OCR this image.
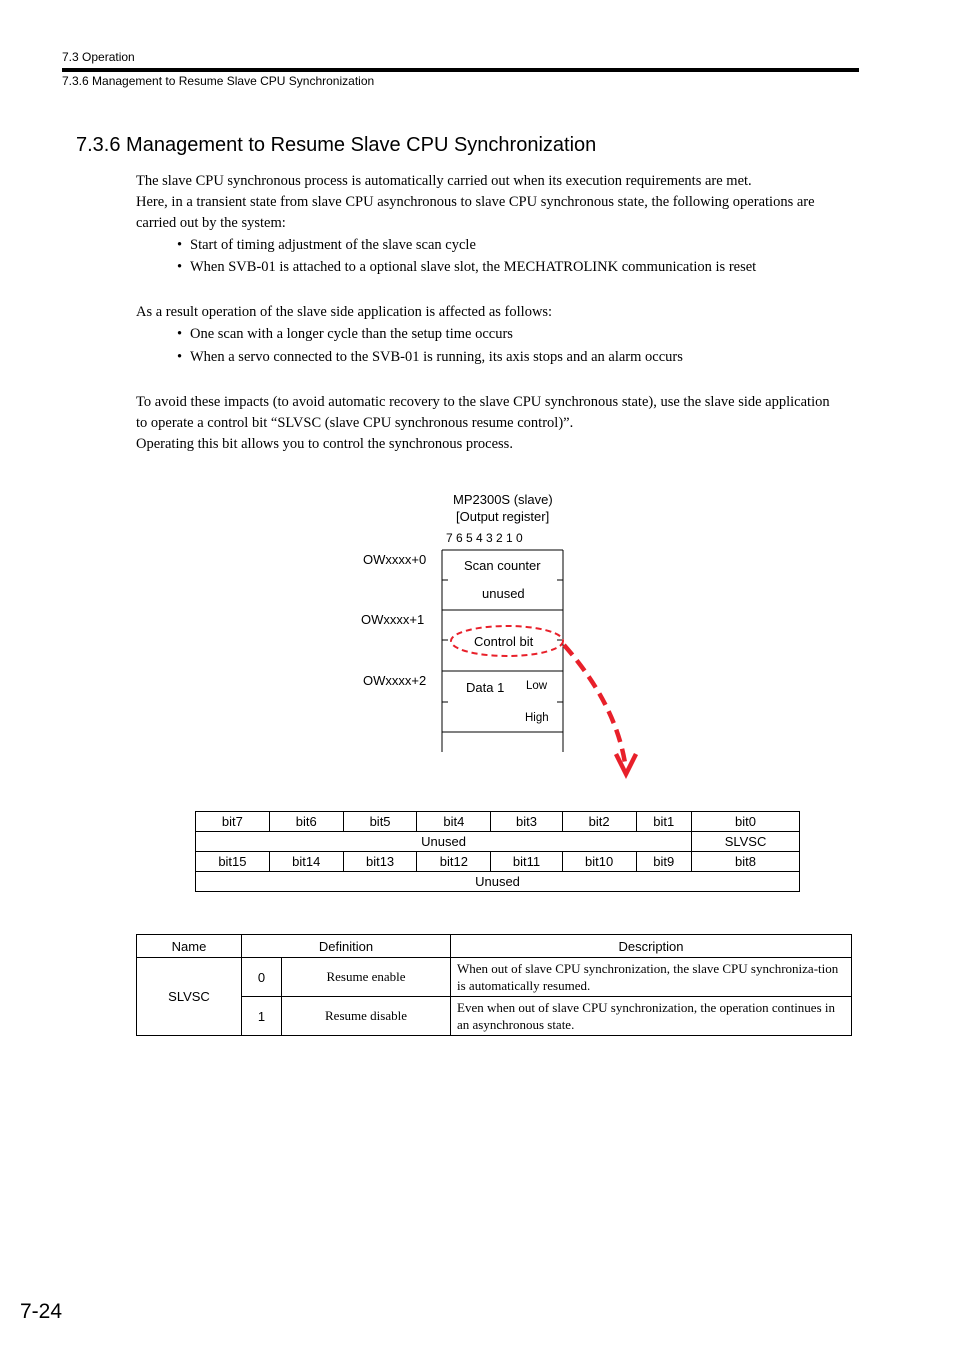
7.3 Operation
7.3.6 Management to Resume Slave CPU Synchronization
7.3.6 Management to Resume Slave CPU Synchronization
The slave CPU synchronous process is automatically carried out when its execution requirements are met.
Here, in a transient state from slave CPU asynchronous to slave CPU synchronous state, the following operations are
carried out by the system:
• Start of timing adjustment of the slave scan cycle
• When SVB-01 is attached to a optional slave slot, the MECHATROLINK communication is reset
As a result operation of the slave side application is affected as follows:
• One scan with a longer cycle than the setup time occurs
• When a servo connected to the SVB-01 is running, its axis stops and an alarm occurs
To avoid these impacts (to avoid automatic recovery to the slave CPU synchronous state), use the slave side application
to operate a control bit “SLVSC (slave CPU synchronous resume control)”.
Operating this bit allows you to control the synchronous process.
MP2300S (slave)
[Output register]
7 6 5 4 3 2 1 0
OWxxxx+0
OWxxxx+1
OWxxxx+2
Scan counter
unused
Control bit
Data 1 Low
High
bit7	bit6	bit5	bit4	bit3	bit2	bit1	bit0
Unused							SLVSC
bit15	bit14	bit13	bit12	bit11	bit10	bit9	bit8
Unused							
Name	Definition		Description
SLVSC	0	Resume enable	When out of slave CPU synchronization, the slave CPU synchroniza-tion is automatically resumed.
	1	Resume disable	Even when out of slave CPU synchronization, the operation continues in an asynchronous state.
7-24
